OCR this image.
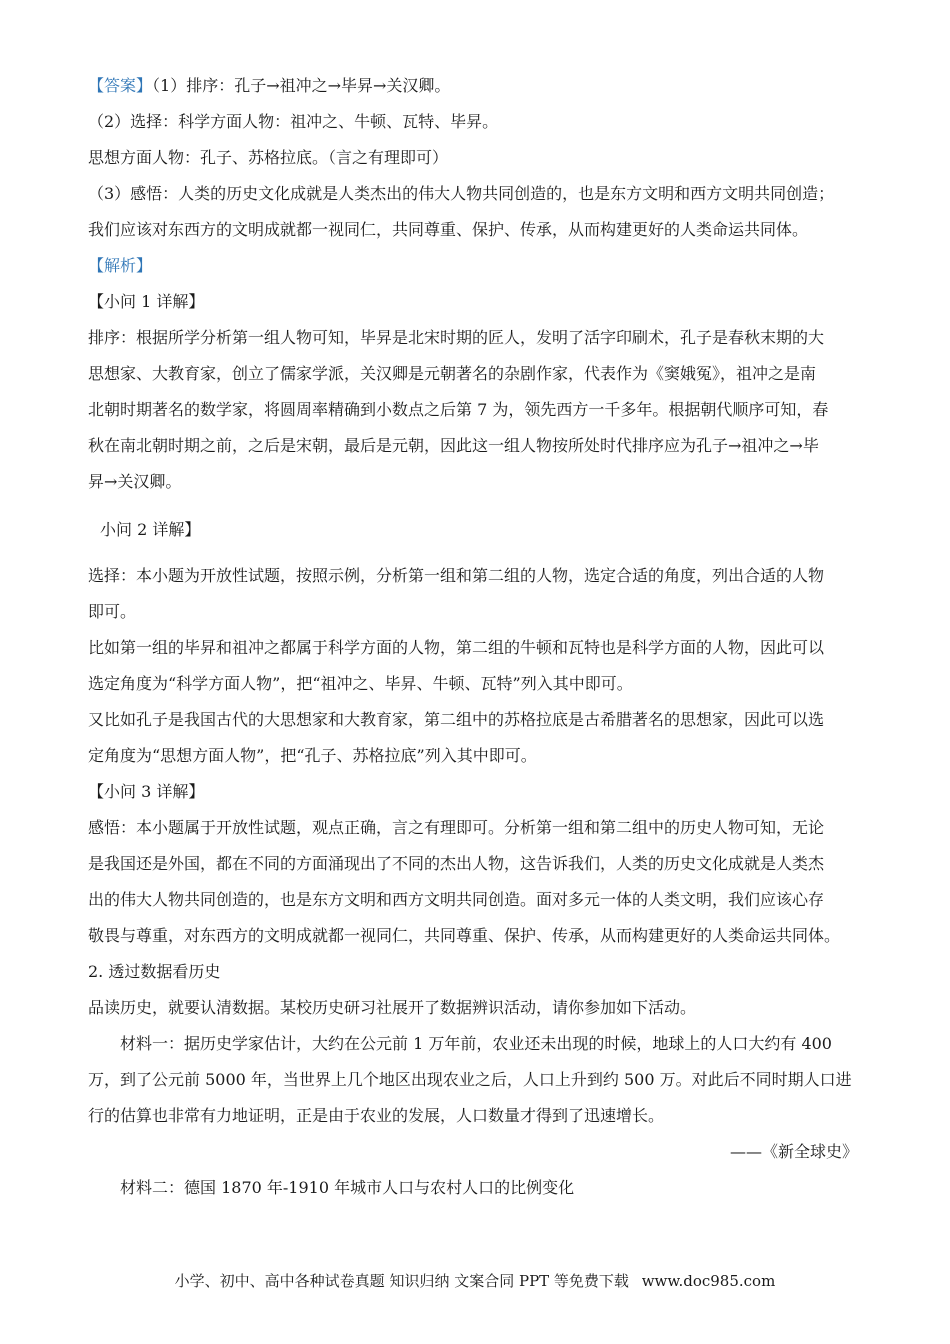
【答案】（1）排序：孔子→祖冲之→毕昇→关汉卿。
（2）选择：科学方面人物：祖冲之、牛顿、瓦特、毕昇。
思想方面人物：孔子、苏格拉底。（言之有理即可）
（3）感悟：人类的历史文化成就是人类杰出的伟大人物共同创造的，也是东方文明和西方文明共同创造；
我们应该对东西方的文明成就都一视同仁，共同尊重、保护、传承，从而构建更好的人类命运共同体。
【解析】
【小问 1 详解】
排序：根据所学分析第一组人物可知，毕昇是北宋时期的匠人，发明了活字印刷术，孔子是春秋末期的大
思想家、大教育家，创立了儒家学派，关汉卿是元朝著名的杂剧作家，代表作为《窦娥冤》，祖冲之是南
北朝时期著名的数学家，将圆周率精确到小数点之后第 7 为，领先西方一千多年。根据朝代顺序可知，春
秋在南北朝时期之前，之后是宋朝，最后是元朝，因此这一组人物按所处时代排序应为孔子→祖冲之→毕
昇→关汉卿。
小问 2 详解】
选择：本小题为开放性试题，按照示例，分析第一组和第二组的人物，选定合适的角度，列出合适的人物
即可。
比如第一组的毕昇和祖冲之都属于科学方面的人物，第二组的牛顿和瓦特也是科学方面的人物，因此可以
选定角度为“科学方面人物”，把“祖冲之、毕昇、牛顿、瓦特”列入其中即可。
又比如孔子是我国古代的大思想家和大教育家，第二组中的苏格拉底是古希腊著名的思想家，因此可以选
定角度为“思想方面人物”，把“孔子、苏格拉底”列入其中即可。
【小问 3 详解】
感悟：本小题属于开放性试题，观点正确，言之有理即可。分析第一组和第二组中的历史人物可知，无论
是我国还是外国，都在不同的方面涌现出了不同的杰出人物，这告诉我们，人类的历史文化成就是人类杰
出的伟大人物共同创造的，也是东方文明和西方文明共同创造。面对多元一体的人类文明，我们应该心存
敬畏与尊重，对东西方的文明成就都一视同仁，共同尊重、保护、传承，从而构建更好的人类命运共同体。
2. 透过数据看历史
品读历史，就要认清数据。某校历史研习社展开了数据辨识活动，请你参加如下活动。
材料一：据历史学家估计，大约在公元前 1 万年前，农业还未出现的时候，地球上的人口大约有 400
万，到了公元前 5000 年，当世界上几个地区出现农业之后，人口上升到约 500 万。对此后不同时期人口进
行的估算也非常有力地证明，正是由于农业的发展，人口数量才得到了迅速增长。
——《新全球史》
材料二：德国 1870 年-1910 年城市人口与农村人口的比例变化
小学、初中、高中各种试卷真题 知识归纳 文案合同 PPT 等免费下载 www.doc985.com
